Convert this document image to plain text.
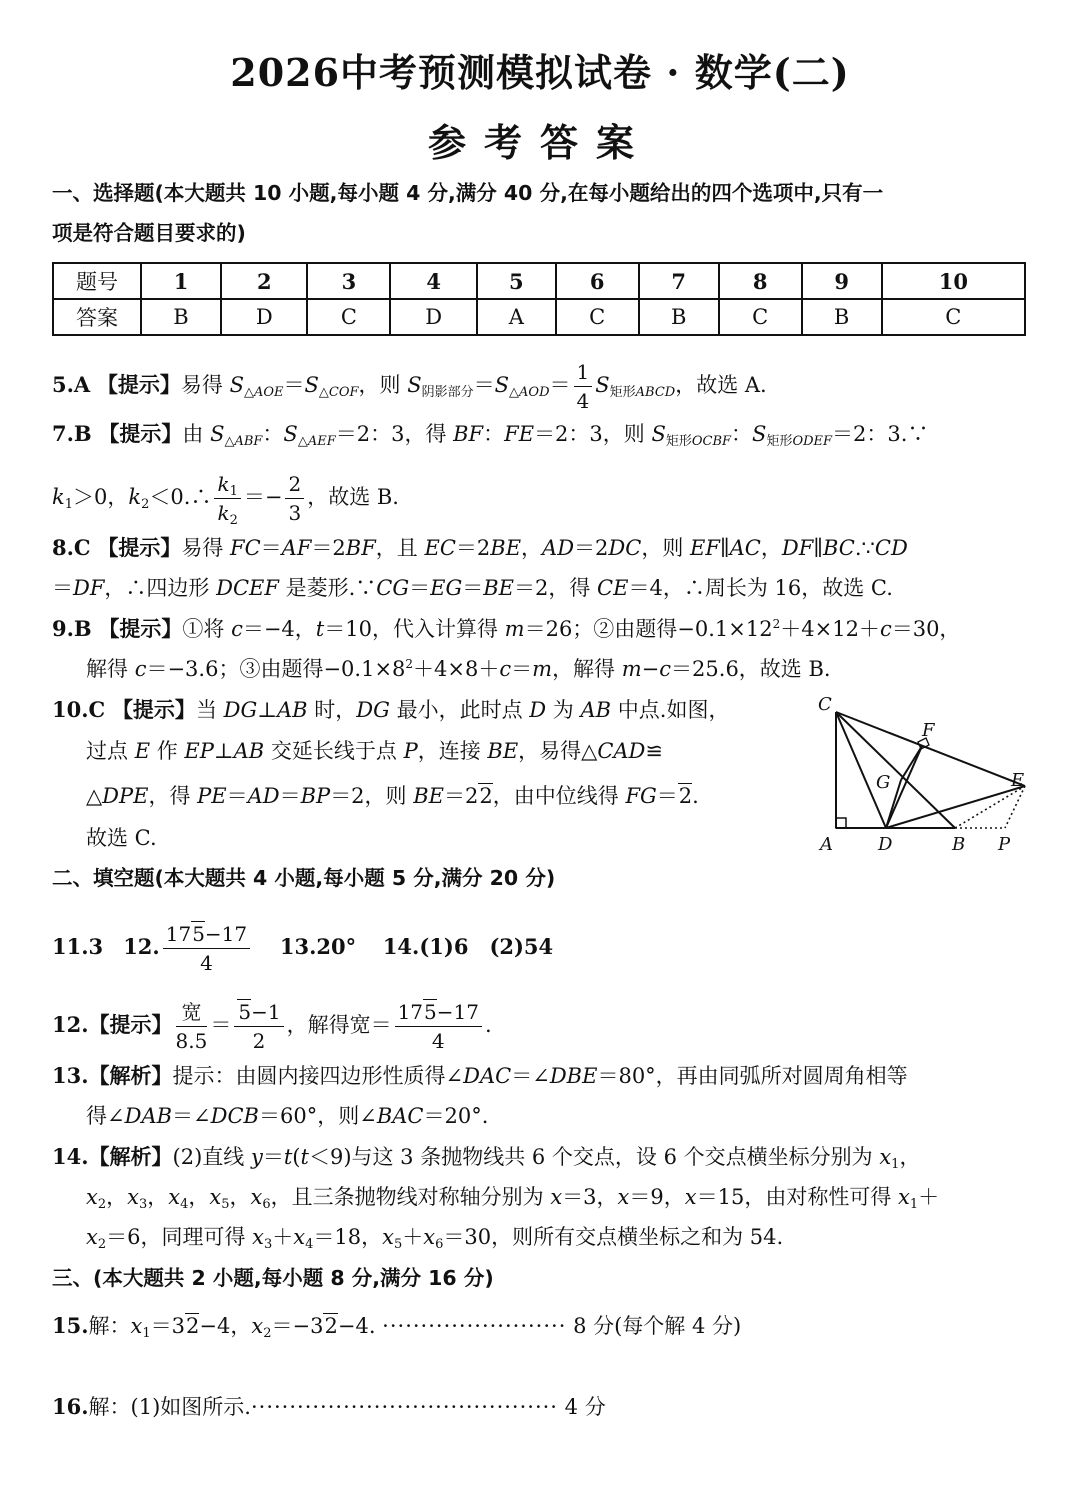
2026中考预测模拟试卷 · 数学(二)
参考答案
一、选择题(本大题共 10 小题,每小题 4 分,满分 40 分,在每小题给出的四个选项中,只有一
项是符合题目要求的)
题号	1	2	3	4	5	6	7	8	9	10
答案	B	D	C	D	A	C	B	C	B	C
5.A 【提示】易得 $S_{\triangle AOE}=S_{\triangle COF}$，则 $S_{阴影部分}=S_{\triangle AOD}= \frac{1}{4} S_{矩形ABCD}$，故选 A.
7.B 【提示】由 $S_{\triangle ABF}$：$S_{\triangle AEF}=2$：3，得 BF：FE＝2：3，则 $S_{矩形OCBF}$：$S_{矩形ODEF}=2$：3.∵
$k_1>0$，$k_2<0.\therefore \frac{k_1}{k_2} =- \frac{2}{3}$ ，故选 B.
8.C 【提示】易得 FC＝AF＝2BF，且 EC＝2BE，AD＝2DC，则 EF∥AC，DF∥BC.∵CD
＝DF，∴四边形 DCEF 是菱形.∵CG＝EG＝BE＝2，得 CE＝4，∴周长为 16，故选 C.
9.B 【提示】①将 c＝−4，t＝10，代入计算得 m＝26；②由题得$-0.1\times 12^2+4\times 12+c=30$，
解得 c＝−3.6；③由题得$-0.1\times 8^2+4\times 8+c=m$，解得 m−c＝25.6，故选 B.
10.C 【提示】当 DG⊥AB 时，DG 最小，此时点 D 为 AB 中点.如图，
过点 E 作 EP⊥AB 交延长线于点 P，连接 BE，易得△CAD≌
△DPE，得 PE＝AD＝BP＝2，则 BE＝22，由中位线得 FG＝2.
故选 C.
C
F
G	E
A	D	B P
二、填空题(本大题共 4 小题,每小题 5 分,满分 20 分)
11.3 12. $\frac{175-17}{4} 13.20^\circ$ 14.(1)6　(2)54
12.【提示】 $\frac{\text{宽}}{8.5} = \frac{5-1}{2}$ ，解得宽＝ $\frac{175-17}{4}$ .
13.【解析】提示：由圆内接四边形性质得∠DAC＝∠DBE＝80°，再由同弧所对圆周角相等
得∠DAB＝∠DCB＝60°，则∠BAC＝20°.
14.【解析】(2)直线 y＝t(t＜9)与这 3 条抛物线共 6 个交点，设 6 个交点横坐标分别为 $x_1$，
$x_2$，$x_3$，$x_4$，$x_5$，$x_6$，且三条抛物线对称轴分别为 x＝3，x＝9，x＝15，由对称性可得 $x_1+$
$x_2=6$，同理可得 $x_3+x_4=18$，$x_5+x_6=30$，则所有交点横坐标之和为 54.
三、(本大题共 2 小题,每小题 8 分,满分 16 分)
15.解：$x_1=32-4$，$x_2=-32-4$. ························ 8 分(每个解 4 分)
16.解：(1)如图所示.········································ 4 分
